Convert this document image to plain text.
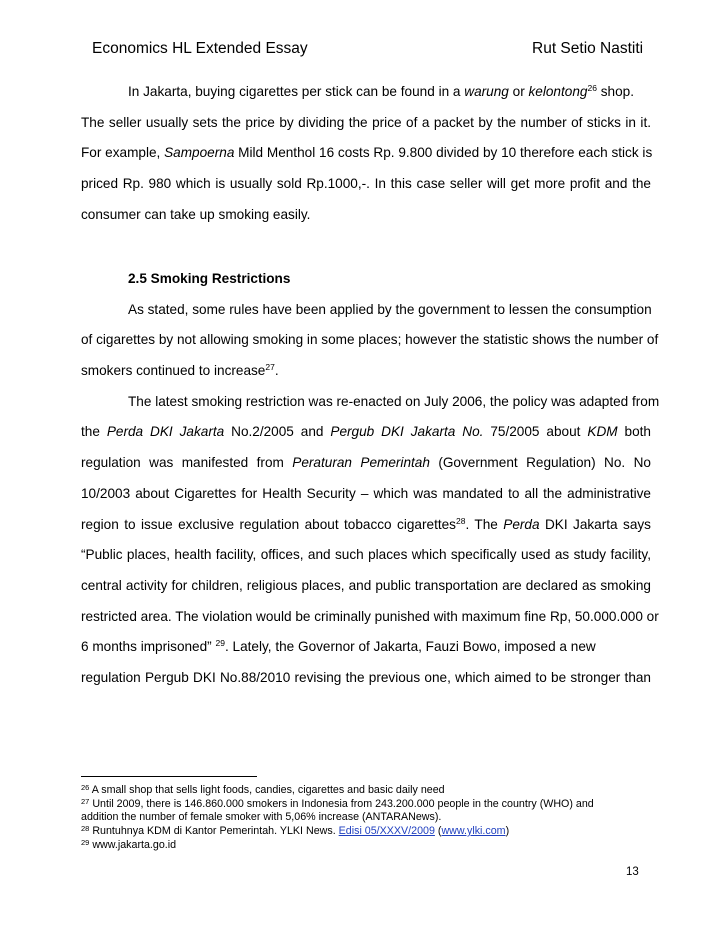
Economics HL Extended Essay	Rut Setio Nastiti
In Jakarta, buying cigarettes per stick can be found in a warung or kelontong$^{26}$ shop.
The seller usually sets the price by dividing the price of a packet by the number of sticks in it.
For example, Sampoerna Mild Menthol 16 costs Rp. 9.800 divided by 10 therefore each stick is
priced Rp. 980 which is usually sold Rp.1000,-. In this case seller will get more profit and the
consumer can take up smoking easily.
2.5 Smoking Restrictions
As stated, some rules have been applied by the government to lessen the consumption
of cigarettes by not allowing smoking in some places; however the statistic shows the number of
smokers continued to increase$^{27}$.
The latest smoking restriction was re-enacted on July 2006, the policy was adapted from
the Perda DKI Jakarta No.2/2005 and Pergub DKI Jakarta No. 75/2005 about KDM both
regulation was manifested from Peraturan Pemerintah (Government Regulation) No. No
10/2003 about Cigarettes for Health Security – which was mandated to all the administrative
region to issue exclusive regulation about tobacco cigarettes$^{28}$. The Perda DKI Jakarta says
“Public places, health facility, offices, and such places which specifically used as study facility,
central activity for children, religious places, and public transportation are declared as smoking
restricted area. The violation would be criminally punished with maximum fine Rp, 50.000.000 or
6 months imprisoned” $^{29}$. Lately, the Governor of Jakarta, Fauzi Bowo, imposed a new
regulation Pergub DKI No.88/2010 revising the previous one, which aimed to be stronger than
$^{26}$ A small shop that sells light foods, candies, cigarettes and basic daily need
$^{27}$ Until 2009, there is 146.860.000 smokers in Indonesia from 243.200.000 people in the country (WHO) and
addition the number of female smoker with 5,06% increase (ANTARANews).
$^{28}$ Runtuhnya KDM di Kantor Pemerintah. YLKI News. Edisi 05/XXXV/2009 (www.ylki.com)
$^{29}$ www.jakarta.go.id
13
